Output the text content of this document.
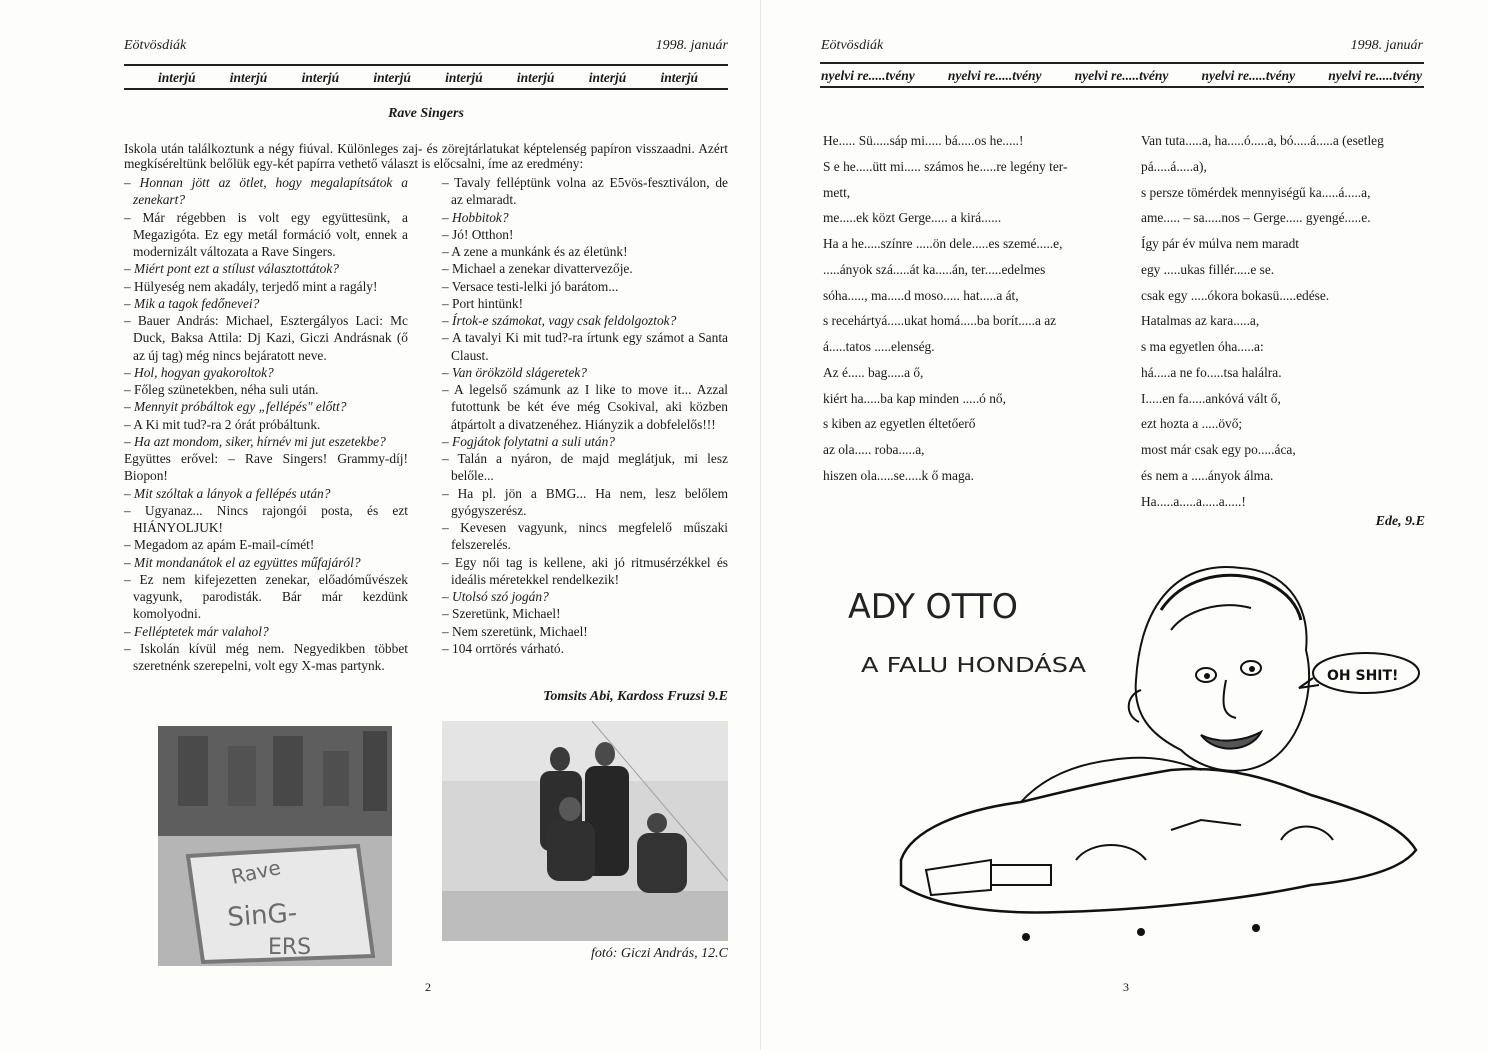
Eötvösdiák	1998. január
interjú	interjú	interjú	interjú	interjú	interjú	interjú	interjú
Rave Singers
Iskola után találkoztunk a négy fiúval. Különleges zaj- és zörejtárlatukat képtelenség papíron visszaadni. Azért megkíséreltünk belőlük egy-két papírra vethető választ is előcsalni, íme az eredmény:
– Honnan jött az ötlet, hogy megalapítsátok a zenekart?
– Már régebben is volt egy együttesünk, a Megazigóta. Ez egy metál formáció volt, ennek a modernizált változata a Rave Singers.
– Miért pont ezt a stílust választottátok?
– Hülyeség nem akadály, terjedő mint a ragály!
– Mik a tagok fedőnevei?
– Bauer András: Michael, Esztergályos Laci: Mc Duck, Baksa Attila: Dj Kazi, Giczi Andrásnak (ő az új tag) még nincs bejáratott neve.
– Hol, hogyan gyakoroltok?
– Főleg szünetekben, néha suli után.
– Mennyit próbáltok egy „fellépés" előtt?
– A Ki mit tud?-ra 2 órát próbáltunk.
– Ha azt mondom, siker, hírnév mi jut eszetekbe?
Együttes erővel: – Rave Singers! Grammy-díj! Biopon!
– Mit szóltak a lányok a fellépés után?
– Ugyanaz... Nincs rajongói posta, és ezt HIÁNYOLJUK!
– Megadom az apám E-mail-címét!
– Mit mondanátok el az együttes műfajáról?
– Ez nem kifejezetten zenekar, előadóművészek vagyunk, parodisták. Bár már kezdünk komolyodni.
– Felléptetek már valahol?
– Iskolán kívül még nem. Negyedikben többet szeretnénk szerepelni, volt egy X-mas partynk.
– Tavaly felléptünk volna az E5vös-fesztiválon, de az elmaradt.
– Hobbitok?
– Jó! Otthon!
– A zene a munkánk és az életünk!
– Michael a zenekar divattervezője.
– Versace testi-lelki jó barátom...
– Port hintünk!
– Írtok-e számokat, vagy csak feldolgoztok?
– A tavalyi Ki mit tud?-ra írtunk egy számot a Santa Claust.
– Van örökzöld slágeretek?
– A legelső számunk az I like to move it... Azzal futottunk be két éve még Csokival, aki közben átpártolt a divatzenéhez. Hiányzik a dobfelelős!!!
– Fogjátok folytatni a suli után?
– Talán a nyáron, de majd meglátjuk, mi lesz belőle...
– Ha pl. jön a BMG... Ha nem, lesz belőlem gyógyszerész.
– Kevesen vagyunk, nincs megfelelő műszaki felszerelés.
– Egy női tag is kellene, aki jó ritmusérzékkel és ideális méretekkel rendelkezik!
– Utolsó szó jogán?
– Szeretünk, Michael!
– Nem szeretünk, Michael!
– 104 orrtörés várható.
Tomsits Abi, Kardoss Fruzsi 9.E
Rave
SinG-
ERS	fotó: Giczi András, 12.C
2
Eötvösdiák	1998. január
nyelvi re.....tvény nyelvi re.....tvény nyelvi re.....tvény nyelvi re.....tvény nyelvi re.....tvény
He..... Sü.....sáp mi..... bá.....os he.....!
S e he.....ütt mi..... számos he.....re legény ter-
mett,
me.....ek közt Gerge..... a kirá......
Ha a he.....színre .....ön dele.....es szemé.....e,
.....ányok szá.....át ka.....án, ter.....edelmes
sóha....., ma.....d moso..... hat.....a át,
s recehártyá.....ukat homá.....ba borít.....a az
á.....tatos .....elenség.
Az é..... bag.....a ő,
kiért ha.....ba kap minden .....ó nő,
s kiben az egyetlen éltetőerő
az ola..... roba.....a,
hiszen ola.....se.....k ő maga.
Van tuta.....a, ha.....ó.....a, bó.....á.....a (esetleg
pá.....á.....a),
s persze tömérdek mennyiségű ka.....á.....a,
ame..... – sa.....nos – Gerge..... gyengé.....e.
Így pár év múlva nem maradt
egy .....ukas fillér.....e se.
csak egy .....ókora bokasü.....edése.
Hatalmas az kara.....a,
s ma egyetlen óha.....a:
há.....a ne fo.....tsa halálra.
I.....en fa.....ankóvá vált ő,
ezt hozta a .....övő;
most már csak egy po.....áca,
és nem a .....ányok álma.
Ha.....a.....a.....a.....!
Ede, 9.E
ADY OTTO
A FALU HONDÁSA	OH SHIT!
3
